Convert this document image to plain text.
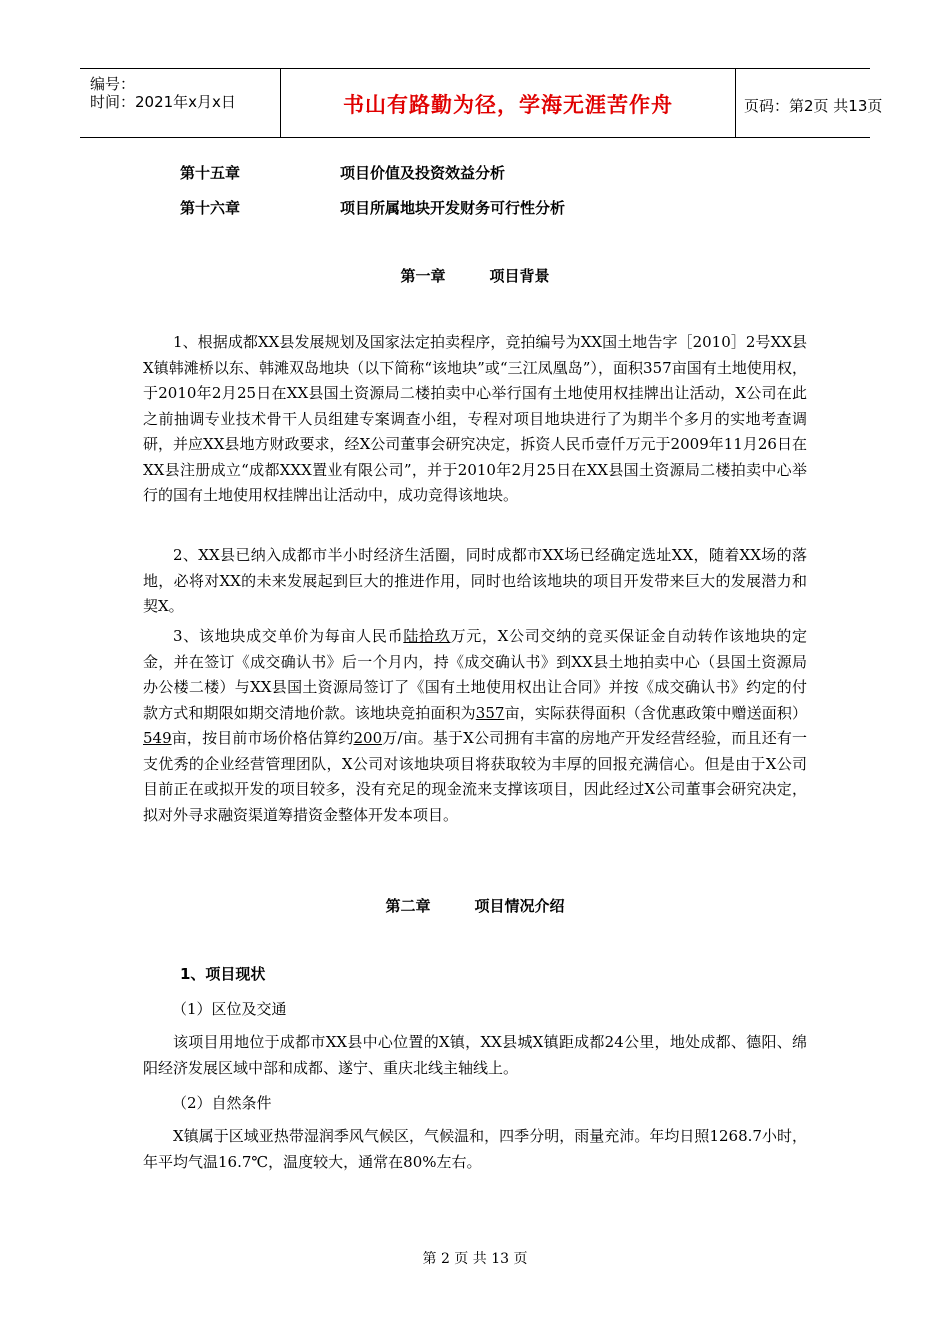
编号：
时间：2021年x月x日	书山有路勤为径，学海无涯苦作舟	页码：第2页 共13页
第十五章	项目价值及投资效益分析
第十六章	项目所属地块开发财务可行性分析
第一章	项目背景
1、根据成都XX县发展规划及国家法定拍卖程序，竞拍编号为XX国土地告字［2010］2号XX县X镇韩滩桥以东、韩滩双岛地块（以下简称“该地块”或“三江凤凰岛”），面积357亩国有土地使用权，于2010年2月25日在XX县国土资源局二楼拍卖中心举行国有土地使用权挂牌出让活动，X公司在此之前抽调专业技术骨干人员组建专案调查小组，专程对项目地块进行了为期半个多月的实地考查调研，并应XX县地方财政要求，经X公司董事会研究决定，拆资人民币壹仟万元于2009年11月26日在XX县注册成立“成都XXX置业有限公司”，并于2010年2月25日在XX县国土资源局二楼拍卖中心举行的国有土地使用权挂牌出让活动中，成功竞得该地块。
2、XX县已纳入成都市半小时经济生活圈，同时成都市XX场已经确定选址XX，随着XX场的落地，必将对XX的未来发展起到巨大的推进作用，同时也给该地块的项目开发带来巨大的发展潜力和契X。
3、该地块成交单价为每亩人民币陆拾玖万元，X公司交纳的竞买保证金自动转作该地块的定金，并在签订《成交确认书》后一个月内，持《成交确认书》到XX县土地拍卖中心（县国土资源局办公楼二楼）与XX县国土资源局签订了《国有土地使用权出让合同》并按《成交确认书》约定的付款方式和期限如期交清地价款。该地块竞拍面积为357亩，实际获得面积（含优惠政策中赠送面积）549亩，按目前市场价格估算约200万/亩。基于X公司拥有丰富的房地产开发经营经验，而且还有一支优秀的企业经营管理团队，X公司对该地块项目将获取较为丰厚的回报充满信心。但是由于X公司目前正在或拟开发的项目较多，没有充足的现金流来支撑该项目，因此经过X公司董事会研究决定，拟对外寻求融资渠道筹措资金整体开发本项目。
第二章	项目情况介绍
1、项目现状
（1）区位及交通
该项目用地位于成都市XX县中心位置的X镇，XX县城X镇距成都24公里，地处成都、德阳、绵阳经济发展区域中部和成都、遂宁、重庆北线主轴线上。
（2）自然条件
X镇属于区域亚热带湿润季风气候区，气候温和，四季分明，雨量充沛。年均日照1268.7小时，年平均气温16.7℃，温度较大，通常在80%左右。
第 2 页 共 13 页
